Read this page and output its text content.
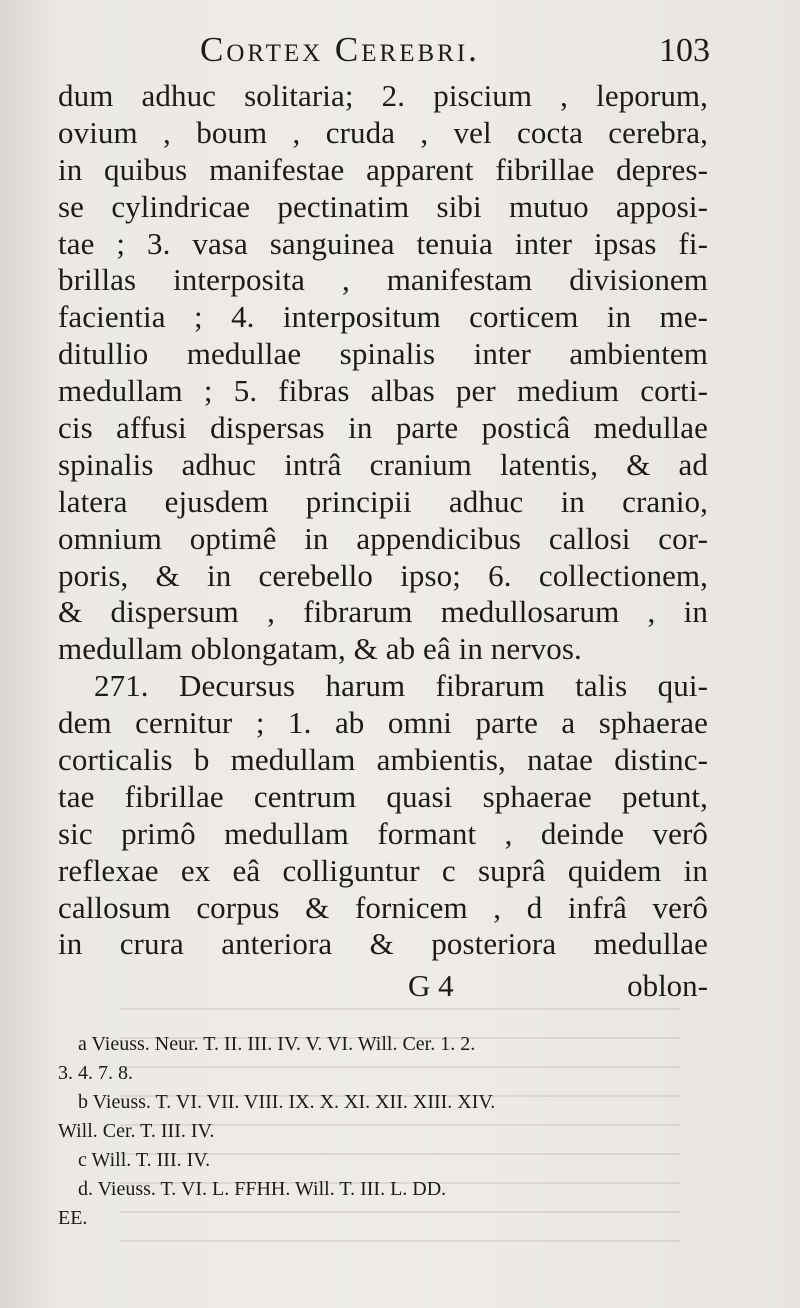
Cortex Cerebri.	103
dum adhuc solitaria; 2. piscium , leporum,
ovium , boum , cruda , vel cocta cerebra,
in quibus manifestae apparent fibrillae depres-
se cylindricae pectinatim sibi mutuo apposi-
tae ; 3. vasa sanguinea tenuia inter ipsas fi-
brillas interposita , manifestam divisionem
facientia ; 4. interpositum corticem in me-
ditullio medullae spinalis inter ambientem
medullam ; 5. fibras albas per medium corti-
cis affusi dispersas in parte posticâ medullae
spinalis adhuc intrâ cranium latentis, & ad
latera ejusdem principii adhuc in cranio,
omnium optimê in appendicibus callosi cor-
poris, & in cerebello ipso; 6. collectionem,
& dispersum , fibrarum medullosarum , in
medullam oblongatam, & ab eâ in nervos.
271. Decursus harum fibrarum talis qui-
dem cernitur ; 1. ab omni parte a sphaerae
corticalis b medullam ambientis, natae distinc-
tae fibrillae centrum quasi sphaerae petunt,
sic primô medullam formant , deinde verô
reflexae ex eâ colliguntur c suprâ quidem in
callosum corpus & fornicem , d infrâ verô
in crura anteriora & posteriora medullae
G 4	oblon-
a Vieuss. Neur. T. II. III. IV. V. VI. Will. Cer. 1. 2.
3. 4. 7. 8.
b Vieuss. T. VI. VII. VIII. IX. X. XI. XII. XIII. XIV.
Will. Cer. T. III. IV.
c Will. T. III. IV.
d. Vieuss. T. VI. L. FFHH. Will. T. III. L. DD.
EE.
